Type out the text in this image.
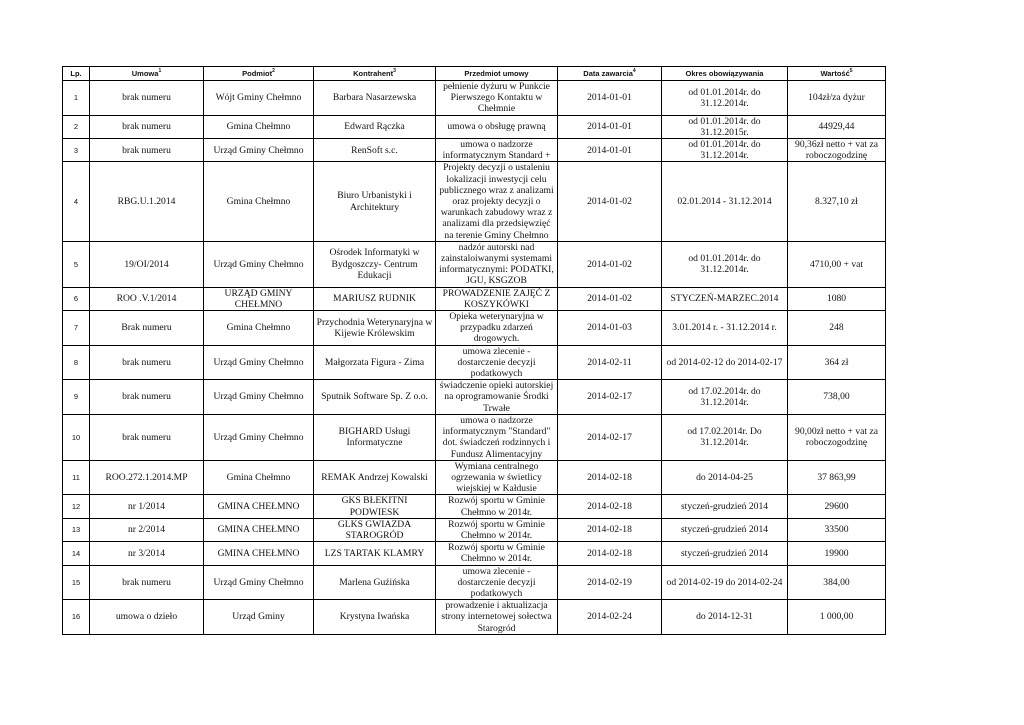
Lp.	Umowa$^1$	Podmiot$^2$	Kontrahent$^3$	Przedmiot umowy	Data zawarcia$^4$	Okres obowiązywania	Wartość$^5$
1	brak numeru	Wójt Gminy Chełmno	Barbara Nasarzewska	pełnienie dyżuru w Punkcie Pierwszego Kontaktu w Chełmnie	2014-01-01	od 01.01.2014r. do 31.12.2014r.	104zł/za dyżur
2	brak numeru	Gmina Chełmno	Edward Rączka	umowa o obsługę prawną	2014-01-01	od 01.01.2014r. do 31.12.2015r.	44929,44
3	brak numeru	Urząd Gminy Chełmno	RenSoft s.c.	umowa o nadzorze informatycznym Standard +	2014-01-01	od 01.01.2014r. do 31.12.2014r.	90,36zł netto + vat za roboczogodzinę
4	RBG.U.1.2014	Gmina Chełmno	Biuro Urbanistyki i Architektury	Projekty decyzji o ustaleniu lokalizacji inwestycji celu publicznego wraz z analizami oraz projekty decyzji o warunkach zabudowy wraz z analizami dla przedsięwzięć na terenie Gminy Chełmno	2014-01-02	02.01.2014 - 31.12.2014	8.327,10 zł
5	19/OI/2014	Urząd Gminy Chełmno	Ośrodek Informatyki w Bydgoszczy- Centrum Edukacji	nadzór autorski nad zainstaloiwanymi systemami informatycznymi: PODATKI, JGU, KSGZOB	2014-01-02	od 01.01.2014r. do 31.12.2014r.	4710,00 + vat
6	ROO .V.1/2014	URZĄD GMINY CHEŁMNO	MARIUSZ RUDNIK	PROWADZENIE ZAJĘĆ Z KOSZYKÓWKI	2014-01-02	STYCZEŃ-MARZEC.2014	1080
7	Brak numeru	Gmina Chełmno	Przychodnia Weterynaryjna w Kijewie Królewskim	Opieka weterynaryjna w przypadku zdarzeń drogowych.	2014-01-03	3.01.2014 r. - 31.12.2014 r.	248
8	brak numeru	Urząd Gminy Chełmno	Małgorzata Figura - Zima	umowa zlecenie - dostarczenie decyzji podatkowych	2014-02-11	od 2014-02-12 do 2014-02-17	364 zł
9	brak numeru	Urząd Gminy Chełmno	Sputnik Software Sp. Z o.o.	świadczenie opieki autorskiej na oprogramowanie Środki Trwałe	2014-02-17	od 17.02.2014r. do 31.12.2014r.	738,00
10	brak numeru	Urząd Gminy Chełmno	BIGHARD Usługi Informatyczne	umowa o nadzorze informatycznym "Standard" dot. świadczeń rodzinnych i Fundusz Alimentacyjny	2014-02-17	od 17.02.2014r. Do 31.12.2014r.	90,00zł netto + vat za roboczogodzinę
11	ROO.272.1.2014.MP	Gmina Chełmno	REMAK Andrzej Kowalski	Wymiana centralnego ogrzewania w świetlicy wiejskiej w Kałdusie	2014-02-18	do 2014-04-25	37 863,99
12	nr 1/2014	GMINA CHEŁMNO	GKS BŁEKITNI PODWIESK	Rozwój sportu w Gminie Chełmno w 2014r.	2014-02-18	styczeń-grudzień 2014	29600
13	nr 2/2014	GMINA CHEŁMNO	GLKS GWIAZDA STAROGRÓD	Rozwój sportu w Gminie Chełmno w 2014r.	2014-02-18	styczeń-grudzień 2014	33500
14	nr 3/2014	GMINA CHEŁMNO	LZS TARTAK KLAMRY	Rozwój sportu w Gminie Chełmno w 2014r.	2014-02-18	styczeń-grudzień 2014	19900
15	brak numeru	Urząd Gminy Chełmno	Marlena Guźińska	umowa zlecenie - dostarczenie decyzji podatkowych	2014-02-19	od 2014-02-19 do 2014-02-24	384,00
16	umowa o dzieło	Urząd Gminy	Krystyna Iwańska	prowadzenie i aktualizacja strony internetowej sołectwa Starogród	2014-02-24	do 2014-12-31	1 000,00
